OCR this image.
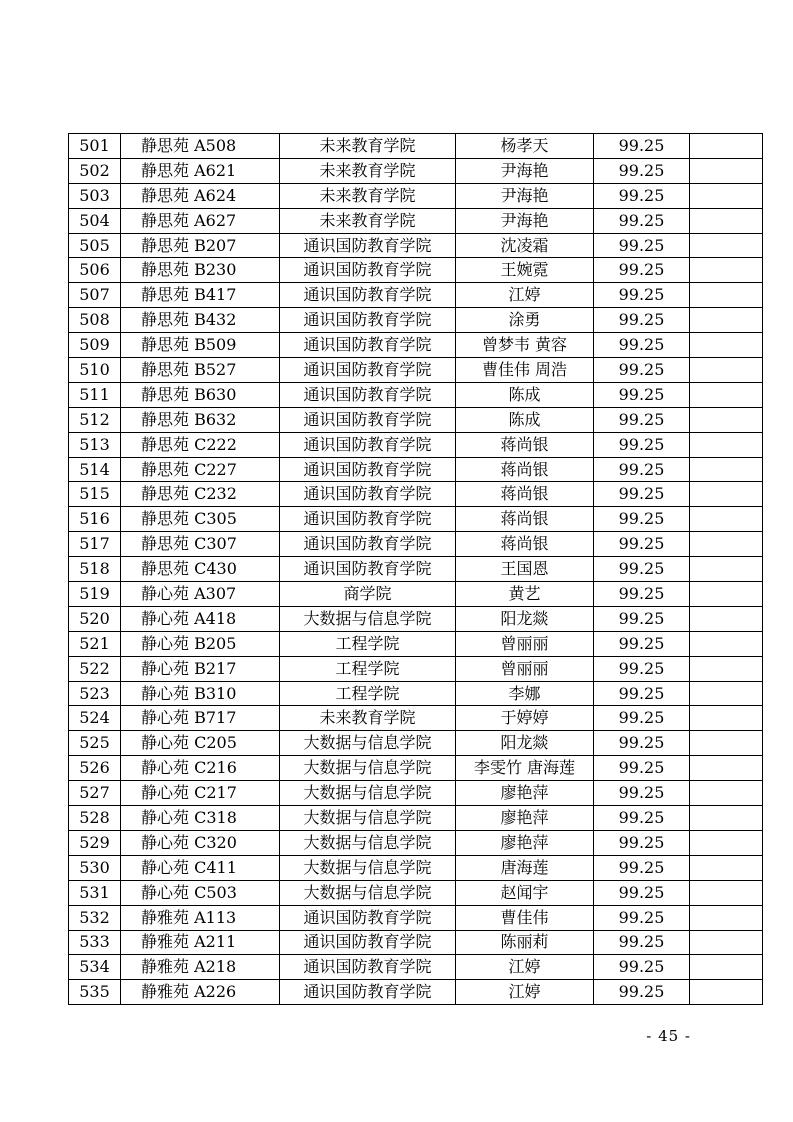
501	静思苑 A508	未来教育学院	杨孝天	99.25	
502	静思苑 A621	未来教育学院	尹海艳	99.25	
503	静思苑 A624	未来教育学院	尹海艳	99.25	
504	静思苑 A627	未来教育学院	尹海艳	99.25	
505	静思苑 B207	通识国防教育学院	沈凌霜	99.25	
506	静思苑 B230	通识国防教育学院	王婉霓	99.25	
507	静思苑 B417	通识国防教育学院	江婷	99.25	
508	静思苑 B432	通识国防教育学院	涂勇	99.25	
509	静思苑 B509	通识国防教育学院	曾梦韦 黄容	99.25	
510	静思苑 B527	通识国防教育学院	曹佳伟 周浩	99.25	
511	静思苑 B630	通识国防教育学院	陈成	99.25	
512	静思苑 B632	通识国防教育学院	陈成	99.25	
513	静思苑 C222	通识国防教育学院	蒋尚银	99.25	
514	静思苑 C227	通识国防教育学院	蒋尚银	99.25	
515	静思苑 C232	通识国防教育学院	蒋尚银	99.25	
516	静思苑 C305	通识国防教育学院	蒋尚银	99.25	
517	静思苑 C307	通识国防教育学院	蒋尚银	99.25	
518	静思苑 C430	通识国防教育学院	王国恩	99.25	
519	静心苑 A307	商学院	黄艺	99.25	
520	静心苑 A418	大数据与信息学院	阳龙燚	99.25	
521	静心苑 B205	工程学院	曾丽丽	99.25	
522	静心苑 B217	工程学院	曾丽丽	99.25	
523	静心苑 B310	工程学院	李娜	99.25	
524	静心苑 B717	未来教育学院	于婷婷	99.25	
525	静心苑 C205	大数据与信息学院	阳龙燚	99.25	
526	静心苑 C216	大数据与信息学院	李雯竹 唐海莲	99.25	
527	静心苑 C217	大数据与信息学院	廖艳萍	99.25	
528	静心苑 C318	大数据与信息学院	廖艳萍	99.25	
529	静心苑 C320	大数据与信息学院	廖艳萍	99.25	
530	静心苑 C411	大数据与信息学院	唐海莲	99.25	
531	静心苑 C503	大数据与信息学院	赵闻宇	99.25	
532	静雅苑 A113	通识国防教育学院	曹佳伟	99.25	
533	静雅苑 A211	通识国防教育学院	陈丽莉	99.25	
534	静雅苑 A218	通识国防教育学院	江婷	99.25	
535	静雅苑 A226	通识国防教育学院	江婷	99.25	
- 45 -
